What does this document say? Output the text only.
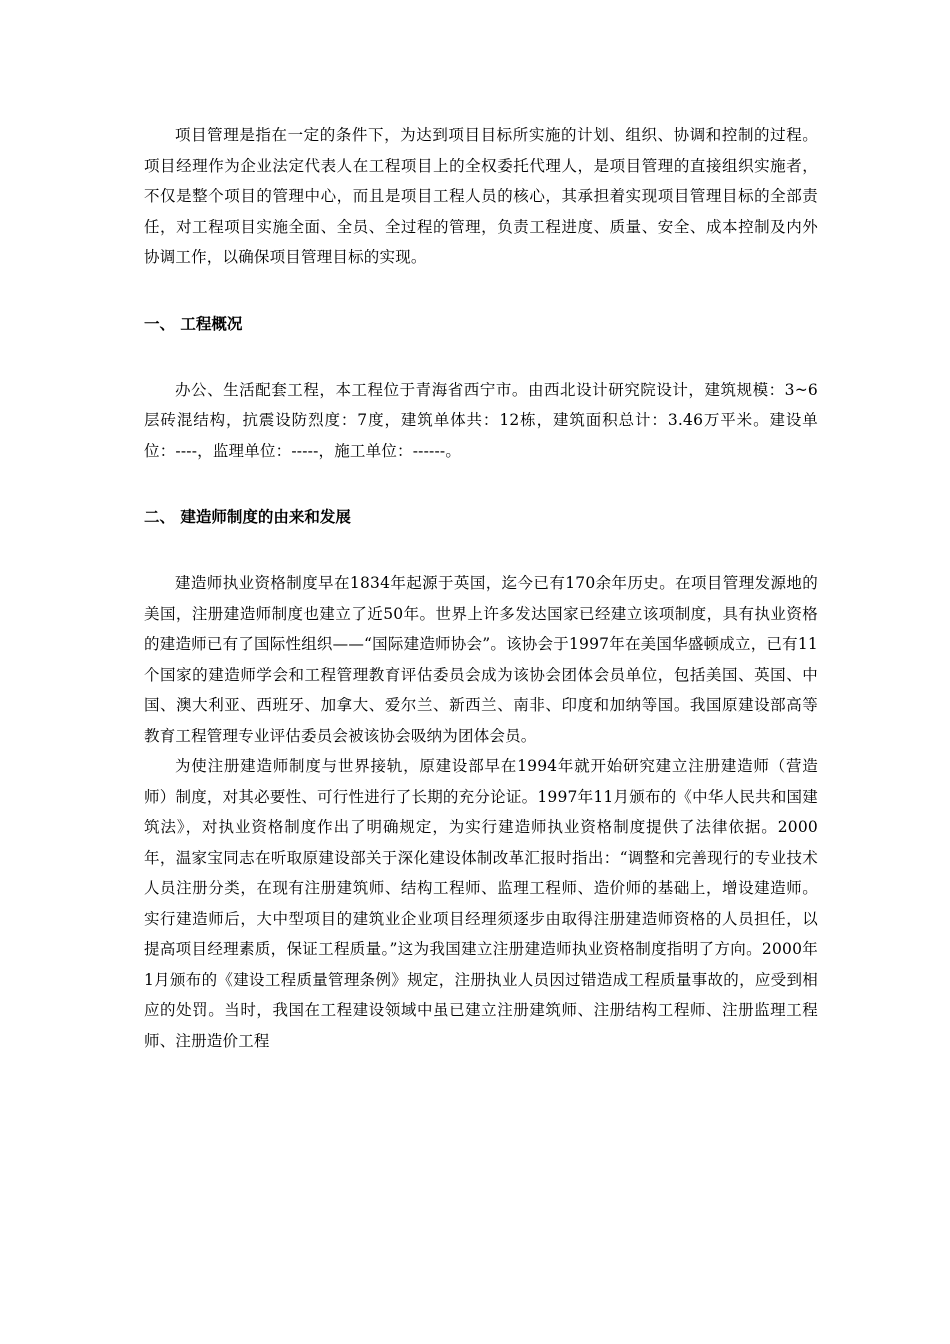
项目管理是指在一定的条件下，为达到项目目标所实施的计划、组织、协调和控制的过程。项目经理作为企业法定代表人在工程项目上的全权委托代理人，是项目管理的直接组织实施者，不仅是整个项目的管理中心，而且是项目工程人员的核心，其承担着实现项目管理目标的全部责任，对工程项目实施全面、全员、全过程的管理，负责工程进度、质量、安全、成本控制及内外协调工作，以确保项目管理目标的实现。

一、 工程概况

办公、生活配套工程，本工程位于青海省西宁市。由西北设计研究院设计，建筑规模：3~6层砖混结构，抗震设防烈度：7度，建筑单体共：12栋，建筑面积总计：3.46万平米。建设单位：----，监理单位：-----，施工单位：------。

二、 建造师制度的由来和发展

建造师执业资格制度早在1834年起源于英国，迄今已有170余年历史。在项目管理发源地的美国，注册建造师制度也建立了近50年。世界上许多发达国家已经建立该项制度，具有执业资格的建造师已有了国际性组织——“国际建造师协会”。该协会于1997年在美国华盛顿成立，已有11个国家的建造师学会和工程管理教育评估委员会成为该协会团体会员单位，包括美国、英国、中国、澳大利亚、西班牙、加拿大、爱尔兰、新西兰、南非、印度和加纳等国。我国原建设部高等教育工程管理专业评估委员会被该协会吸纳为团体会员。

为使注册建造师制度与世界接轨，原建设部早在1994年就开始研究建立注册建造师（营造师）制度，对其必要性、可行性进行了长期的充分论证。1997年11月颁布的《中华人民共和国建筑法》，对执业资格制度作出了明确规定，为实行建造师执业资格制度提供了法律依据。2000年，温家宝同志在听取原建设部关于深化建设体制改革汇报时指出：“调整和完善现行的专业技术人员注册分类，在现有注册建筑师、结构工程师、监理工程师、造价师的基础上，增设建造师。实行建造师后，大中型项目的建筑业企业项目经理须逐步由取得注册建造师资格的人员担任，以提高项目经理素质，保证工程质量。”这为我国建立注册建造师执业资格制度指明了方向。2000年1月颁布的《建设工程质量管理条例》规定，注册执业人员因过错造成工程质量事故的，应受到相应的处罚。当时，我国在工程建设领域中虽已建立注册建筑师、注册结构工程师、注册监理工程师、注册造价工程
